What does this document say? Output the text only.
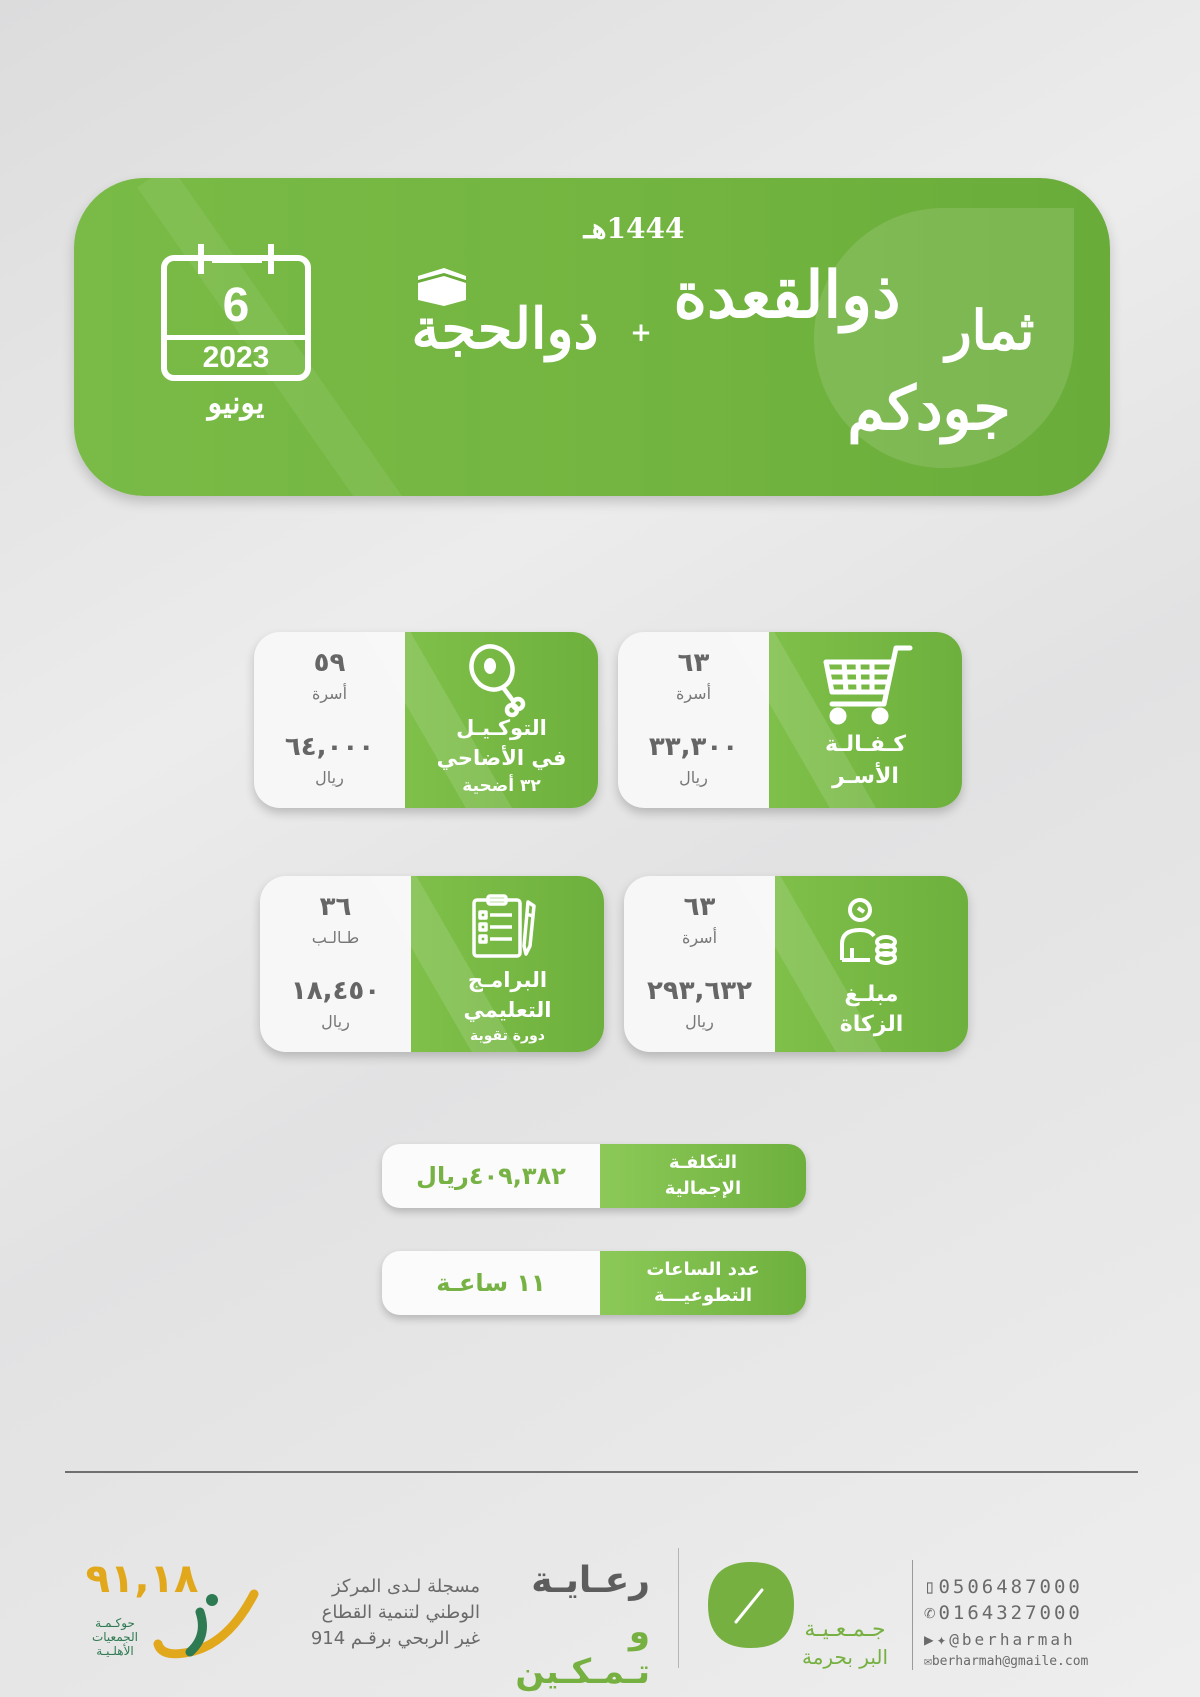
6
2023
يونيو
1444هـ
ذوالحجة	+ ذوالقعدة ثمار
جودكم
كـفـالـة
الأسـر
٦٣
أسرة
٣٣,٣٠٠
ريال
التوكـيـل
في الأضاحي
٣٢ أضحية
٥٩
أسرة
٦٤,٠٠٠
ريال
مبلـغ
الزكاة
٦٣
أسرة
٢٩٣,٦٣٢
ريال
البرامـج
التعليمي
دورة تقوية
٣٦
طـالـب
١٨,٤٥٠
ريال
التكلفـة
الإجمالية
٤٠٩,٣٨٢ريال
عدد الساعات
التطوعيـــة
١١ ساعـة
▯0506487000
✆0164327000
▶✦@berharmah
✉berharmah@gmaile.com
جـمـعـيـة
البر بحرمة
رعـايـة
و تـمـكـين
مسجلة لـدى المركز
الوطني لتنمية القطاع
غير الربحي برقـم 914
٩١,١٨
حوكـمـة
الجمعيات
الأهلـيـة
